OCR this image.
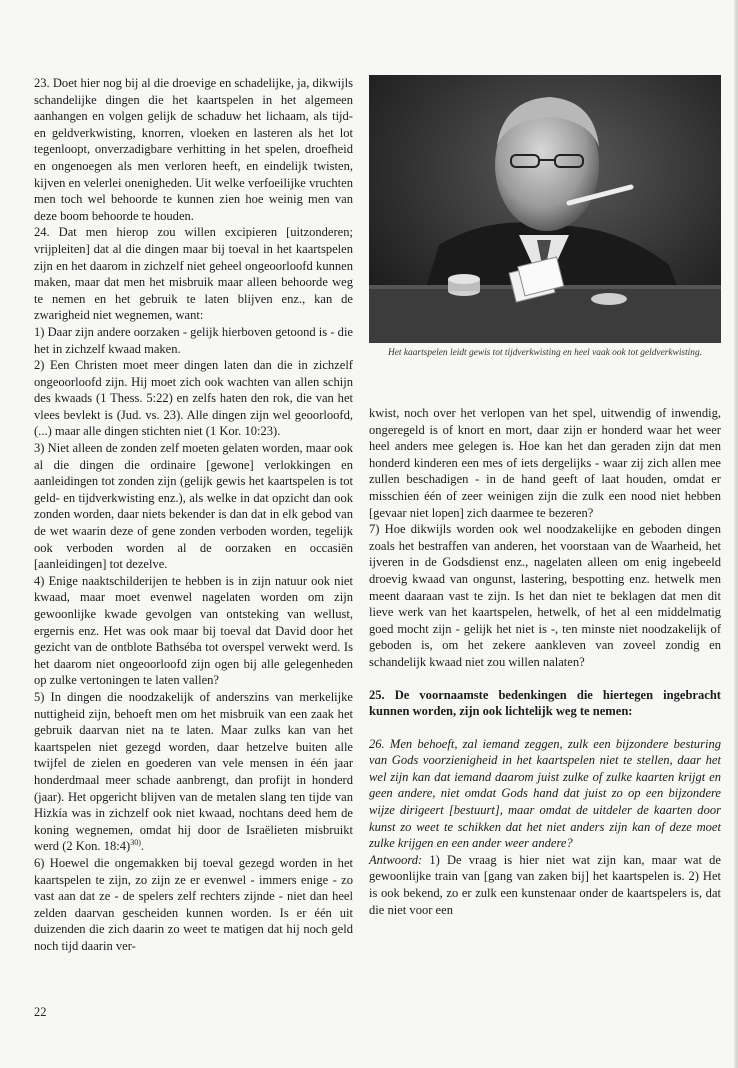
23. Doet hier nog bij al die droevige en schadelijke, ja, dikwijls schandelijke dingen die het kaartspelen in het algemeen aanhangen en volgen gelijk de schaduw het lichaam, als tijd- en geldverkwisting, knorren, vloeken en lasteren als het lot tegenloopt, onverzadigbare verhitting in het spelen, droefheid en ongenoegen als men verloren heeft, en eindelijk twisten, kijven en velerlei onenigheden. Uit welke verfoeilijke vruchten men toch wel behoorde te kunnen zien hoe weinig men van deze boom behoorde te houden.

24. Dat men hierop zou willen excipieren [uitzonderen; vrijpleiten] dat al die dingen maar bij toeval in het kaartspelen zijn en het daarom in zichzelf niet geheel ongeoorloofd kunnen maken, maar dat men het misbruik maar alleen behoorde weg te nemen en het gebruik te laten blijven enz., kan de zwarigheid niet wegnemen, want:

1) Daar zijn andere oorzaken - gelijk hierboven getoond is - die het in zichzelf kwaad maken.

2) Een Christen moet meer dingen laten dan die in zichzelf ongeoorloofd zijn. Hij moet zich ook wachten van allen schijn des kwaads (1 Thess. 5:22) en zelfs haten den rok, die van het vlees bevlekt is (Jud. vs. 23). Alle dingen zijn wel geoorloofd, (...) maar alle dingen stichten niet (1 Kor. 10:23).

3) Niet alleen de zonden zelf moeten gelaten worden, maar ook al die dingen die ordinaire [gewone] verlokkingen en aanleidingen tot zonden zijn (gelijk gewis het kaartspelen is tot geld- en tijdverkwisting enz.), als welke in dat opzicht dan ook zonden worden, daar niets bekender is dan dat in elk gebod van de wet waarin deze of gene zonden verboden worden, tegelijk ook verboden worden al de oorzaken en occasiën [aanleidingen] tot dezelve.

4) Enige naaktschilderijen te hebben is in zijn natuur ook niet kwaad, maar moet evenwel nagelaten worden om zijn gewoonlijke kwade gevolgen van ontsteking van wellust, ergernis enz. Het was ook maar bij toeval dat David door het gezicht van de ontblote Bathséba tot overspel verwekt werd. Is het daarom niet ongeoorloofd zijn ogen bij alle gelegenheden op zulke vertoningen te laten vallen?

5) In dingen die noodzakelijk of anderszins van merkelijke nuttigheid zijn, behoeft men om het misbruik van een zaak het gebruik daarvan niet na te laten. Maar zulks kan van het kaartspelen niet gezegd worden, daar hetzelve buiten alle twijfel de zielen en goederen van vele mensen in één jaar honderdmaal meer schade aanbrengt, dan profijt in honderd (jaar). Het opgericht blijven van de metalen slang ten tijde van Hizkía was in zichzelf ook niet kwaad, nochtans deed hem de koning wegnemen, omdat hij door de Israëlieten misbruikt werd (2 Kon. 18:4)$^{30)}$.

6) Hoewel die ongemakken bij toeval gezegd worden in het kaartspelen te zijn, zo zijn ze er evenwel - immers enige - zo vast aan dat ze - de spelers zelf rechters zijnde - niet dan heel zelden daarvan gescheiden kunnen worden. Is er één uit duizenden die zich daarin zo weet te matigen dat hij noch geld noch tijd daarin ver-

Het kaartspelen leidt gewis tot tijdverkwisting en heel vaak ook tot geldverkwisting.

kwist, noch over het verlopen van het spel, uitwendig of inwendig, ongeregeld is of knort en mort, daar zijn er honderd waar het weer heel anders mee gelegen is. Hoe kan het dan geraden zijn dat men honderd kinderen een mes of iets dergelijks - waar zij zich allen mee zullen beschadigen - in de hand geeft of laat houden, omdat er misschien één of zeer weinigen zijn die zulk een nood niet hebben [gevaar niet lopen] zich daarmee te bezeren?

7) Hoe dikwijls worden ook wel noodzakelijke en geboden dingen zoals het bestraffen van anderen, het voorstaan van de Waarheid, het ijveren in de Godsdienst enz., nagelaten alleen om enig ingebeeld droevig kwaad van ongunst, lastering, bespotting enz. hetwelk men meent daaraan vast te zijn. Is het dan niet te beklagen dat men dit lieve werk van het kaartspelen, hetwelk, of het al een middelmatig goed mocht zijn - gelijk het niet is -, ten minste niet noodzakelijk of geboden is, om het zekere aankleven van zoveel zondig en schandelijk kwaad niet zou willen nalaten?

25. De voornaamste bedenkingen die hiertegen ingebracht kunnen worden, zijn ook lichtelijk weg te nemen:

26. Men behoeft, zal iemand zeggen, zulk een bijzondere besturing van Gods voorzienigheid in het kaartspelen niet te stellen, daar het wel zijn kan dat iemand daarom juist zulke of zulke kaarten krijgt en geen andere, niet omdat Gods hand dat juist zo op een bijzondere wijze dirigeert [bestuurt], maar omdat de uitdeler de kaarten door kunst zo weet te schikken dat het niet anders zijn kan of deze moet zulke krijgen en een ander weer andere?

Antwoord: 1) De vraag is hier niet wat zijn kan, maar wat de gewoonlijke train van [gang van zaken bij] het kaartspelen is. 2) Het is ook bekend, zo er zulk een kunstenaar onder de kaartspelers is, dat die niet voor een

22
